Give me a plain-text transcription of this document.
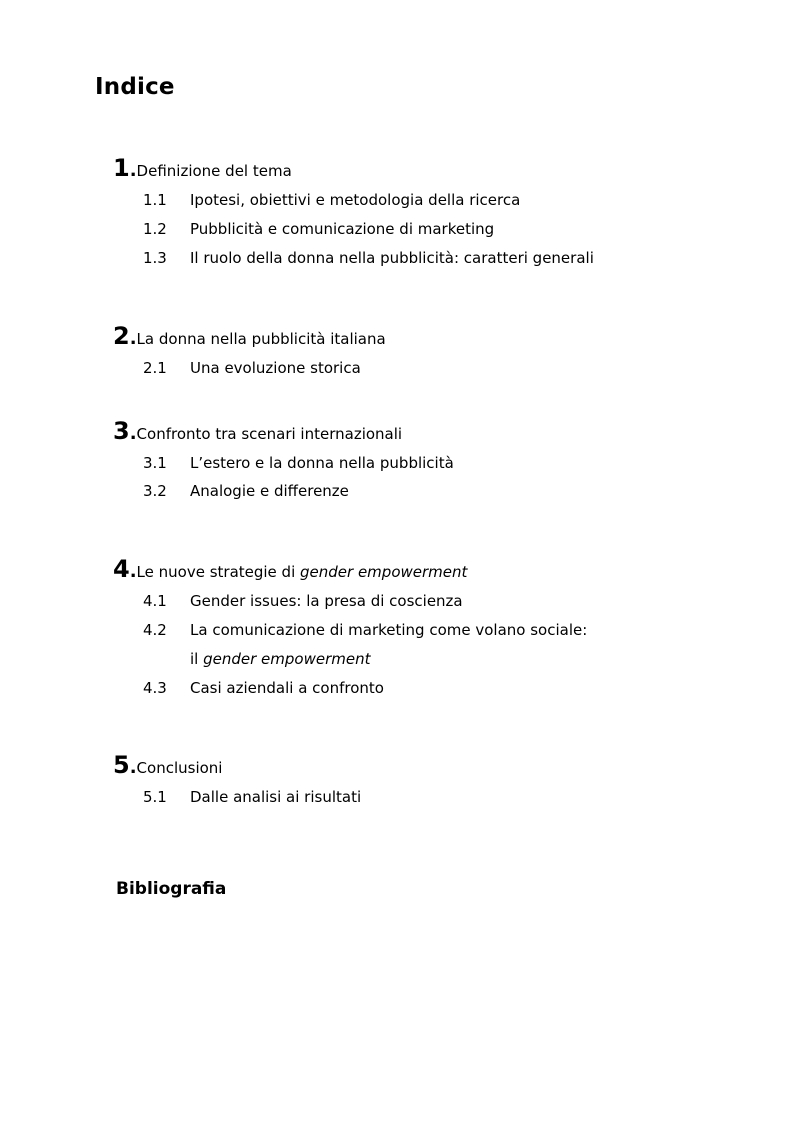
Indice
1.Definizione del tema
1.1 Ipotesi, obiettivi e metodologia della ricerca
1.2 Pubblicità e comunicazione di marketing
1.3 Il ruolo della donna nella pubblicità: caratteri generali
2.La donna nella pubblicità italiana
2.1 Una evoluzione storica
3.Confronto tra scenari internazionali
3.1 L’estero e la donna nella pubblicità
3.2 Analogie e differenze
4.Le nuove strategie di gender empowerment
4.1 Gender issues: la presa di coscienza
4.2 La comunicazione di marketing come volano sociale:
il gender empowerment
4.3 Casi aziendali a confronto
5.Conclusioni
5.1 Dalle analisi ai risultati
Bibliografia
